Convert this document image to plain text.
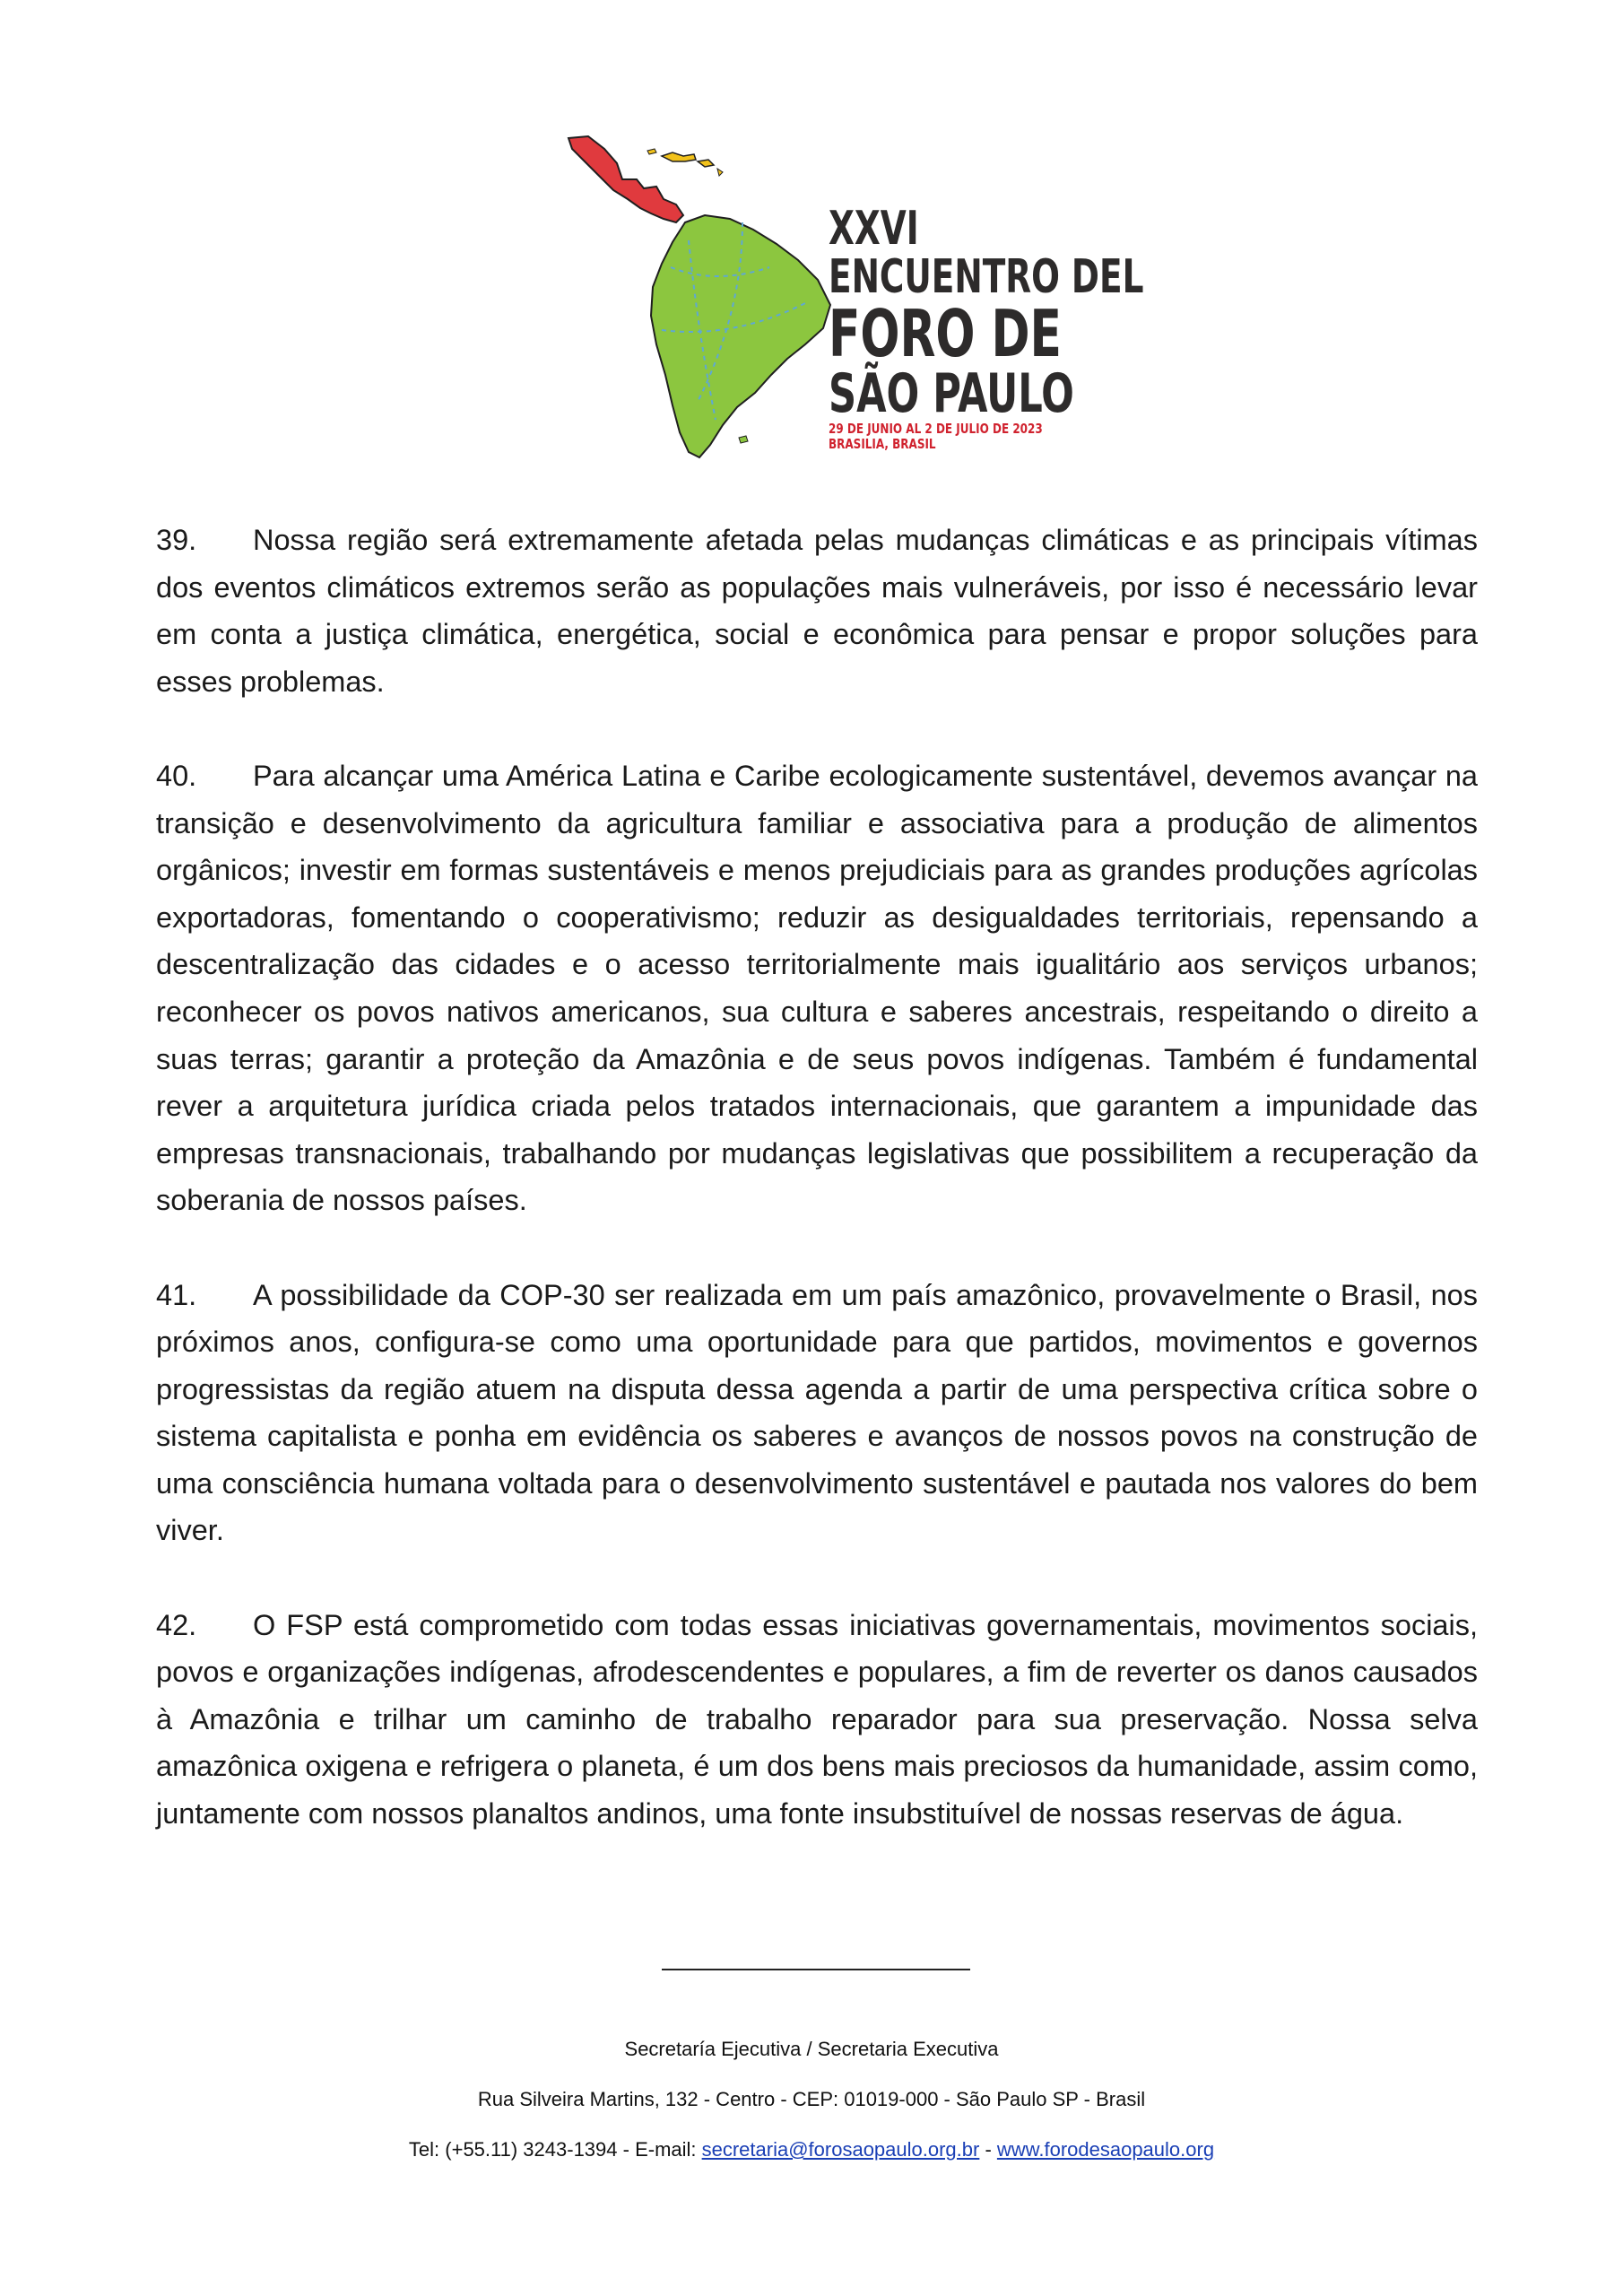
XXVI
ENCUENTRO DEL
FORO DE
SÃO PAULO
29 DE JUNIO AL 2 DE JULIO DE 2023
BRASILIA, BRASIL

39. Nossa região será extremamente afetada pelas mudanças climáticas e as principais vítimas dos eventos climáticos extremos serão as populações mais vulneráveis, por isso é necessário levar em conta a justiça climática, energética, social e econômica para pensar e propor soluções para esses problemas.

40. Para alcançar uma América Latina e Caribe ecologicamente sustentável, devemos avançar na transição e desenvolvimento da agricultura familiar e associativa para a produção de alimentos orgânicos; investir em formas sustentáveis e menos prejudiciais para as grandes produções agrícolas exportadoras, fomentando o cooperativismo; reduzir as desigualdades territoriais, repensando a descentralização das cidades e o acesso territorialmente mais igualitário aos serviços urbanos; reconhecer os povos nativos americanos, sua cultura e saberes ancestrais, respeitando o direito a suas terras; garantir a proteção da Amazônia e de seus povos indígenas. Também é fundamental rever a arquitetura jurídica criada pelos tratados internacionais, que garantem a impunidade das empresas transnacionais, trabalhando por mudanças legislativas que possibilitem a recuperação da soberania de nossos países.

41. A possibilidade da COP-30 ser realizada em um país amazônico, provavelmente o Brasil, nos próximos anos, configura-se como uma oportunidade para que partidos, movimentos e governos progressistas da região atuem na disputa dessa agenda a partir de uma perspectiva crítica sobre o sistema capitalista e ponha em evidência os saberes e avanços de nossos povos na construção de uma consciência humana voltada para o desenvolvimento sustentável e pautada nos valores do bem viver.

42. O FSP está comprometido com todas essas iniciativas governamentais, movimentos sociais, povos e organizações indígenas, afrodescendentes e populares, a fim de reverter os danos causados à Amazônia e trilhar um caminho de trabalho reparador para sua preservação. Nossa selva amazônica oxigena e refrigera o planeta, é um dos bens mais preciosos da humanidade, assim como, juntamente com nossos planaltos andinos, uma fonte insubstituível de nossas reservas de água.

Secretaría Ejecutiva / Secretaria Executiva
Rua Silveira Martins, 132 - Centro - CEP: 01019-000 - São Paulo SP - Brasil
Tel: (+55.11) 3243-1394 - E-mail: secretaria@forosaopaulo.org.br - www.forodesaopaulo.org
